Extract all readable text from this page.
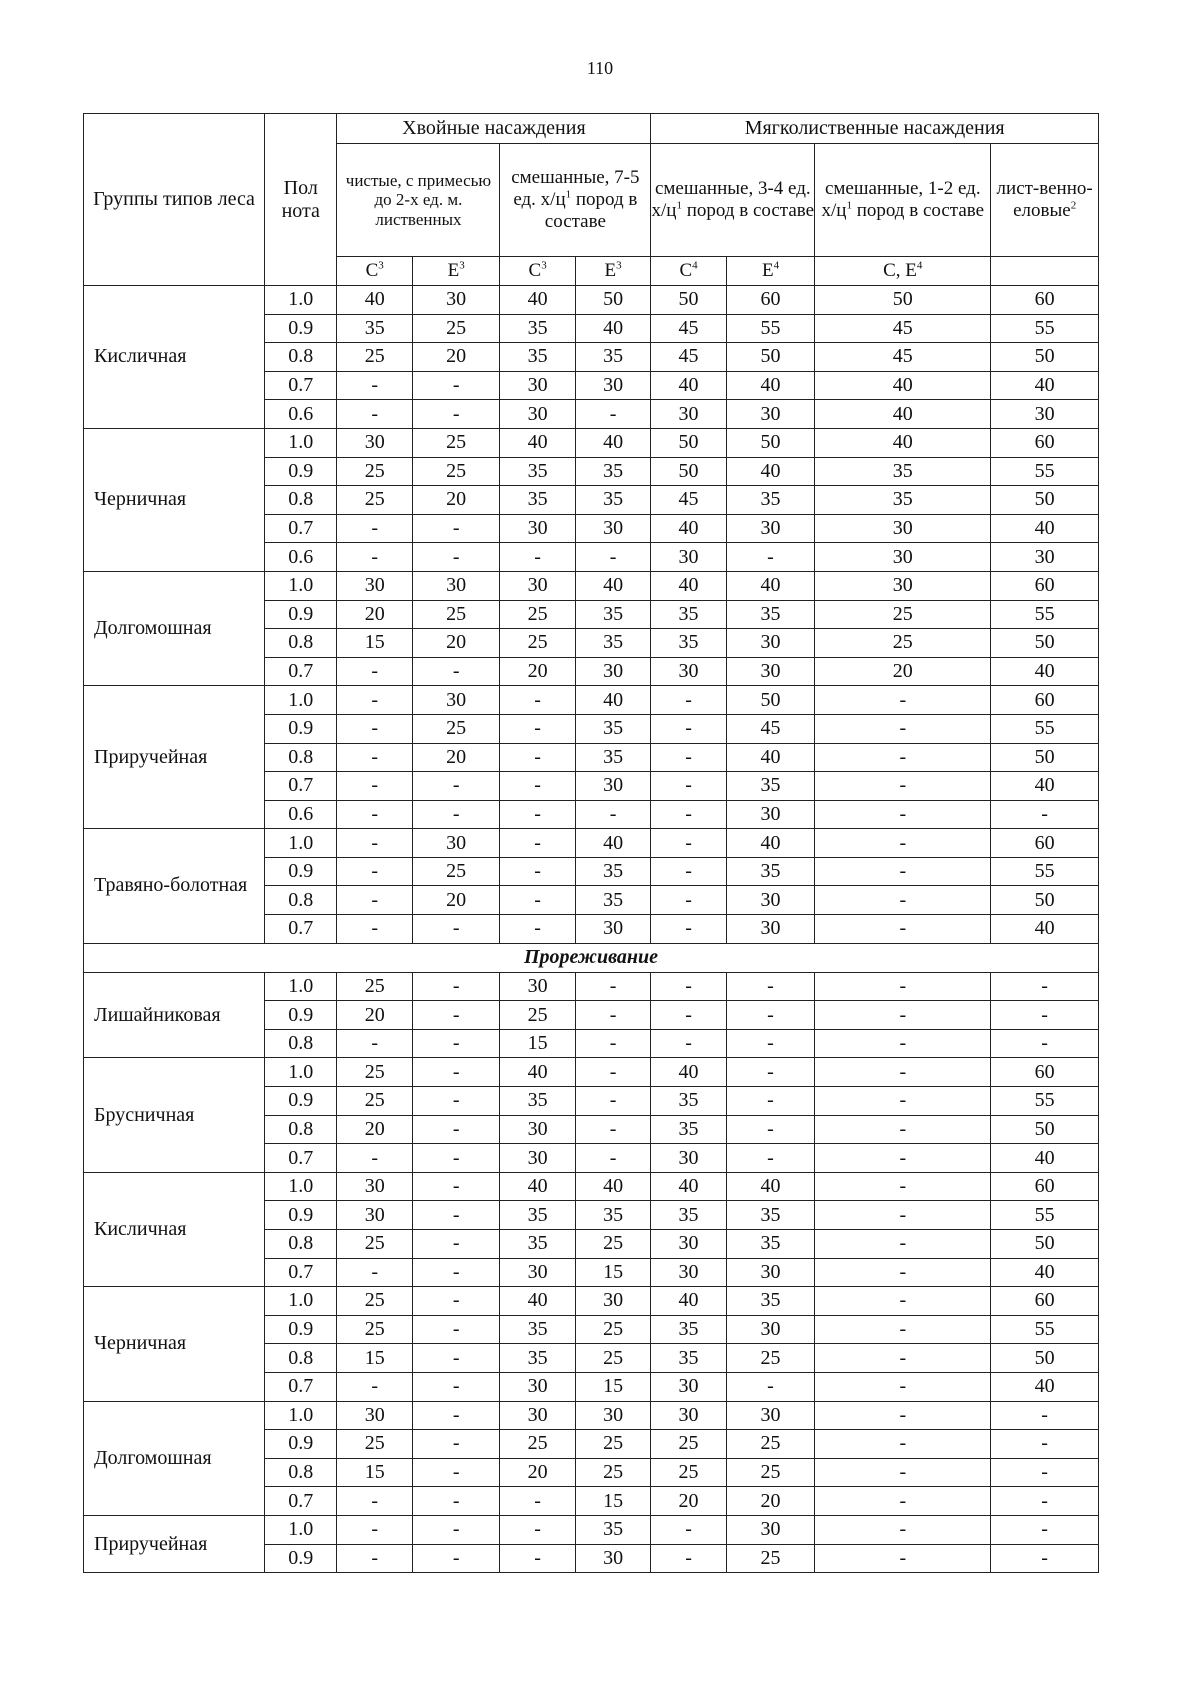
110
Группы типов леса	Пол нота	Хвойные насаждения				Мягколиственные насаждения			
		чистые, с примесью до 2-х ед. м. лиственных		смешанные, 7-5 ед. $х/ц^1$ пород в составе		смешанные, 3-4 ед. $х/ц^1$ пород в составе		смешанные, 1-2 ед. $х/ц^1$ пород в составе	лист-венно-еловые$^2$
		$С^3$	$Е^3$	$С^3$	$Е^3$	$С^4$	$Е^4$	С, $Е^4$	
Кисличная	1.0	40	30	40	50	50	60	50	60
	0.9	35	25	35	40	45	55	45	55
	0.8	25	20	35	35	45	50	45	50
	0.7	-	-	30	30	40	40	40	40
	0.6	-	-	30	-	30	30	40	30
Черничная	1.0	30	25	40	40	50	50	40	60
	0.9	25	25	35	35	50	40	35	55
	0.8	25	20	35	35	45	35	35	50
	0.7	-	-	30	30	40	30	30	40
	0.6	-	-	-	-	30	-	30	30
Долгомошная	1.0	30	30	30	40	40	40	30	60
	0.9	20	25	25	35	35	35	25	55
	0.8	15	20	25	35	35	30	25	50
	0.7	-	-	20	30	30	30	20	40
Приручейная	1.0	-	30	-	40	-	50	-	60
	0.9	-	25	-	35	-	45	-	55
	0.8	-	20	-	35	-	40	-	50
	0.7	-	-	-	30	-	35	-	40
	0.6	-	-	-	-	-	30	-	-
Травяно-болотная	1.0	-	30	-	40	-	40	-	60
	0.9	-	25	-	35	-	35	-	55
	0.8	-	20	-	35	-	30	-	50
	0.7	-	-	-	30	-	30	-	40
Прореживание									
Лишайниковая	1.0	25	-	30	-	-	-	-	-
	0.9	20	-	25	-	-	-	-	-
	0.8	-	-	15	-	-	-	-	-
Брусничная	1.0	25	-	40	-	40	-	-	60
	0.9	25	-	35	-	35	-	-	55
	0.8	20	-	30	-	35	-	-	50
	0.7	-	-	30	-	30	-	-	40
Кисличная	1.0	30	-	40	40	40	40	-	60
	0.9	30	-	35	35	35	35	-	55
	0.8	25	-	35	25	30	35	-	50
	0.7	-	-	30	15	30	30	-	40
Черничная	1.0	25	-	40	30	40	35	-	60
	0.9	25	-	35	25	35	30	-	55
	0.8	15	-	35	25	35	25	-	50
	0.7	-	-	30	15	30	-	-	40
Долгомошная	1.0	30	-	30	30	30	30	-	-
	0.9	25	-	25	25	25	25	-	-
	0.8	15	-	20	25	25	25	-	-
	0.7	-	-	-	15	20	20	-	-
Приручейная	1.0	-	-	-	35	-	30	-	-
	0.9	-	-	-	30	-	25	-	-
